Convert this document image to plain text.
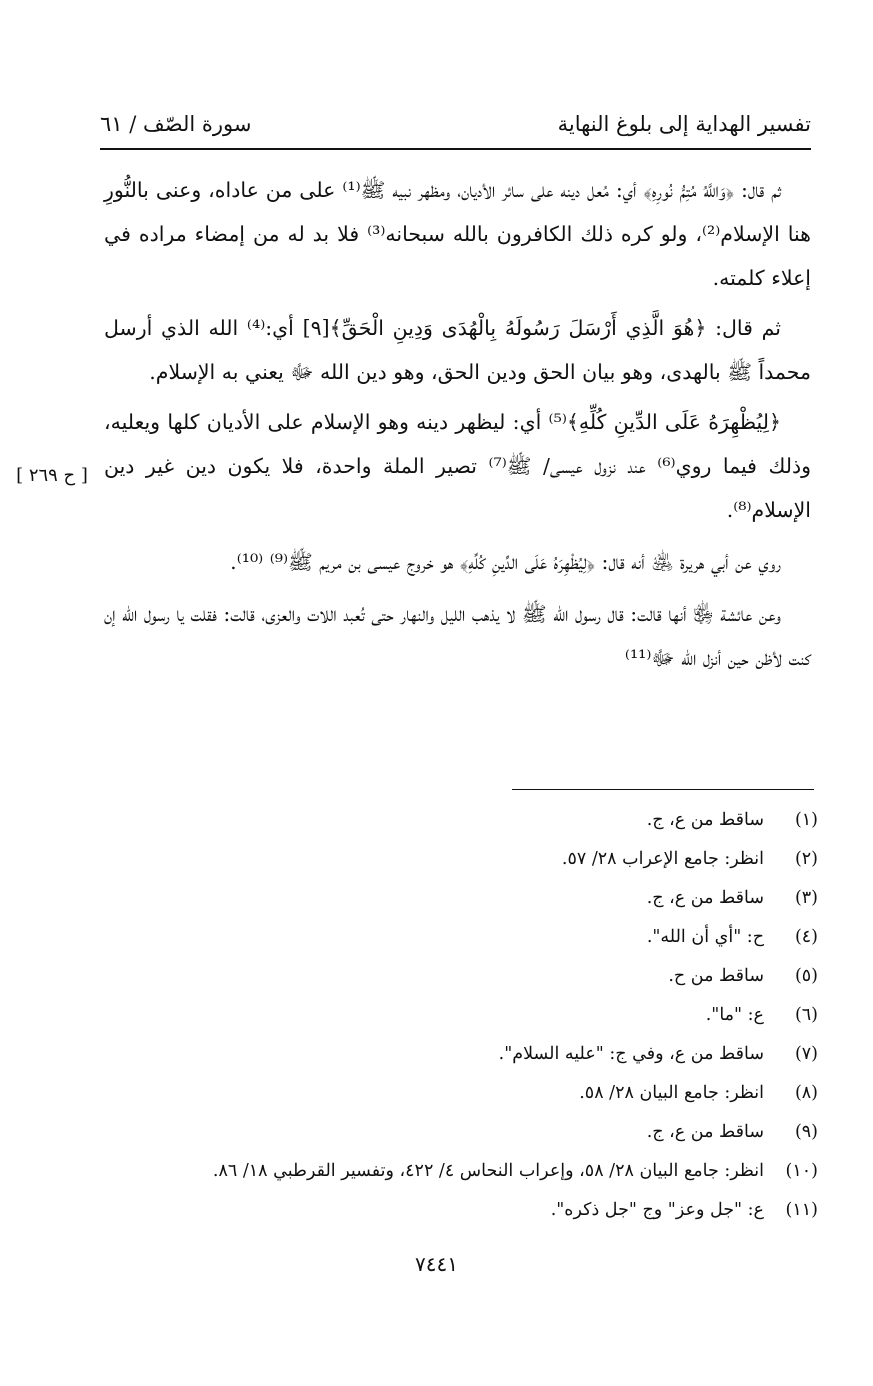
تفسير الهداية إلى بلوغ النهاية
سورة الصّف / ٦١

ثم قال: ﴿وَاللَّهُ مُتِمُّ نُورِهِ﴾ أي: مُعل دينه على سائر الأديان، ومظهر نبيه ﷺ⁽¹⁾ على من عاداه، وعنى بالنُّورِ هنا الإسلام⁽²⁾، ولو كره ذلك الكافرون بالله سبحانه⁽³⁾ فلا بد له من إمضاء مراده في إعلاء كلمته.

ثم قال: ﴿هُوَ الَّذِي أَرْسَلَ رَسُولَهُ بِالْهُدَى وَدِينِ الْحَقِّ﴾[٩] أي:⁽⁴⁾ الله الذي أرسل محمداً ﷺ بالهدى، وهو بيان الحق ودين الحق، وهو دين الله ﷻ يعني به الإسلام.

﴿لِيُظْهِرَهُ عَلَى الدِّينِ كُلِّهِ﴾⁽⁵⁾ أي: ليظهر دينه وهو الإسلام على الأديان كلها ويعليه، وذلك فيما روي⁽⁶⁾ عند نزول عيسى/ ﷺ⁽⁷⁾ تصير الملة واحدة، فلا يكون دين غير دين الإسلام⁽⁸⁾.

روي عن أبي هريرة ﵁ أنه قال: ﴿لِيُظْهِرَهُ عَلَى الدِّينِ كُلِّهِ﴾ هو خروج عيسى بن مريم ﷺ⁽⁹⁾ ⁽¹⁰⁾.

وعن عائشة ﵂ أنها قالت: قال رسول الله ﷺ لا يذهب الليل والنهار حتى تُعبد اللات والعزى، قالت: فقلت يا رسول الله إن كنت لأظن حين أنزل الله ﷻ⁽¹¹⁾

[ ح ٢٦٩ ]
(١)
ساقط من ع، ج.
(٢)
انظر: جامع الإعراب ٢٨/ ٥٧.
(٣)
ساقط من ع، ج.
(٤)
ح: "أي أن الله".
(٥)
ساقط من ح.
(٦)
ع: "ما".
(٧)
ساقط من ع، وفي ج: "عليه السلام".
(٨)
انظر: جامع البيان ٢٨/ ٥٨.
(٩)
ساقط من ع، ج.
(١٠)
انظر: جامع البيان ٢٨/ ٥٨، وإعراب النحاس ٤/ ٤٢٢، وتفسير القرطبي ١٨/ ٨٦.
(١١)
ع: "جل وعز" وج "جل ذكره".
٧٤٤١
